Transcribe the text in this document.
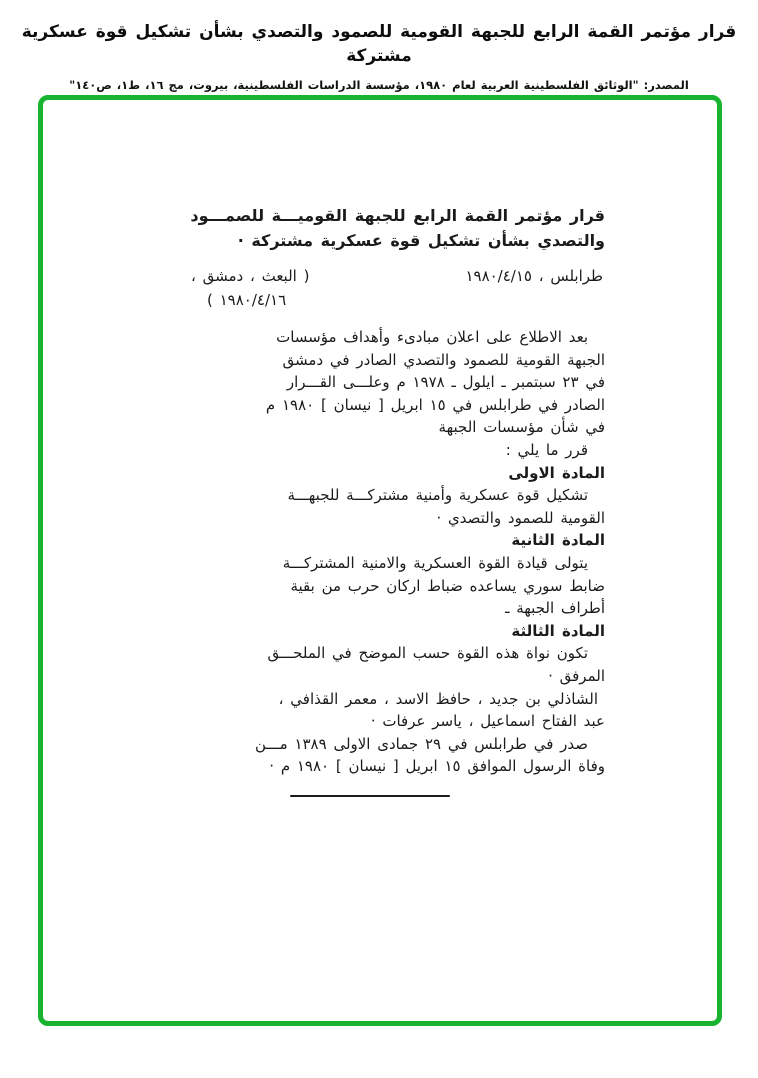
قرار مؤتمر القمة الرابع للجبهة القومية للصمود والتصدي بشأن تشكيل قوة عسكرية مشتركة
المصدر: "الوثائق الفلسطينية العربية لعام ١٩٨٠، مؤسسة الدراسات الفلسطينية، بيروت، مج ١٦، ط١، ص١٤٠"
قرار مؤتمر القمة الرابع للجبهة القوميـــة للصمـــود
والتصدي بشأن تشكيل قوة عسكرية مشتركة ·
طرابلس ، ١٩٨٠/٤/١٥
( البعث ، دمشق ،
١٩٨٠/٤/١٦ )
بعد الاطلاع على اعلان مبادىء وأهداف مؤسسات
الجبهة القومية للصمود والتصدي الصادر في دمشق
في ٢٣ سبتمبر ـ ايلول ـ ١٩٧٨ م وعلـــى القـــرار
الصادر في طرابلس في ١٥ ابريل [ نيسان ] ١٩٨٠ م
في شأن مؤسسات الجبهة
قرر ما يلي :
المادة الاولى
تشكيل قوة عسكرية وأمنية مشتركـــة للجبهـــة
القومية للصمود والتصدي ·
المادة الثانية
يتولى قيادة القوة العسكرية والامنية المشتركـــة
ضابط سوري يساعده ضباط اركان حرب من بقية
أطراف الجبهة ـ
المادة الثالثة
تكون نواة هذه القوة حسب الموضح في الملحـــق
المرفق ·
الشاذلي بن جديد ، حافظ الاسد ، معمر القذافي ،
عبد الفتاح اسماعيل ، ياسر عرفات ·
صدر في طرابلس في ٢٩ جمادى الاولى ١٣٨٩ مـــن
وفاة الرسول الموافق ١٥ ابريل [ نيسان ] ١٩٨٠ م ·
